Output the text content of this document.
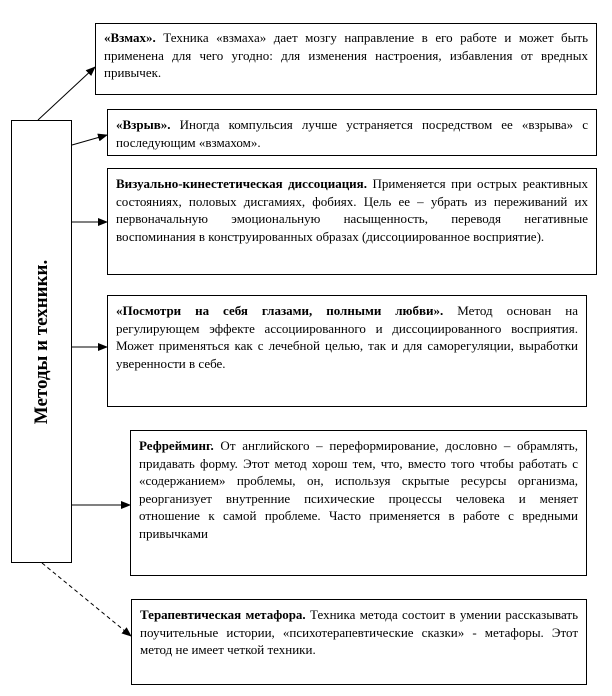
Методы и техники.
«Взмах». Техника «взмаха» дает мозгу направление в его работе и может быть применена для чего угодно: для изменения настроения, избавления от вредных привычек.
«Взрыв». Иногда компульсия лучше устраняется посредством ее «взрыва» с последующим «взмахом».
Визуально-кинестетическая диссоциация. Применяется при острых реактивных состояниях, половых дисгамиях, фобиях. Цель ее – убрать из переживаний их первоначальную эмоциональную насыщенность, переводя негативные воспоминания в конструированных образах (диссоциированное восприятие).
«Посмотри на себя глазами, полными любви». Метод основан на регулирующем эффекте ассоциированного и диссоциированного восприятия. Может применяться как с лечебной целью, так и для саморегуляции, выработки уверенности в себе.
Рефрейминг. От английского – переформирование, дословно – обрамлять, придавать форму. Этот метод хорош тем, что, вместо того чтобы работать с «содержанием» проблемы, он, используя скрытые ресурсы организма, реорганизует внутренние психические процессы человека и меняет отношение к самой проблеме. Часто применяется в работе с вредными привычками
Терапевтическая метафора. Техника метода состоит в умении рассказывать поучительные истории, «психотерапевтические сказки» - метафоры. Этот метод не имеет четкой техники.
